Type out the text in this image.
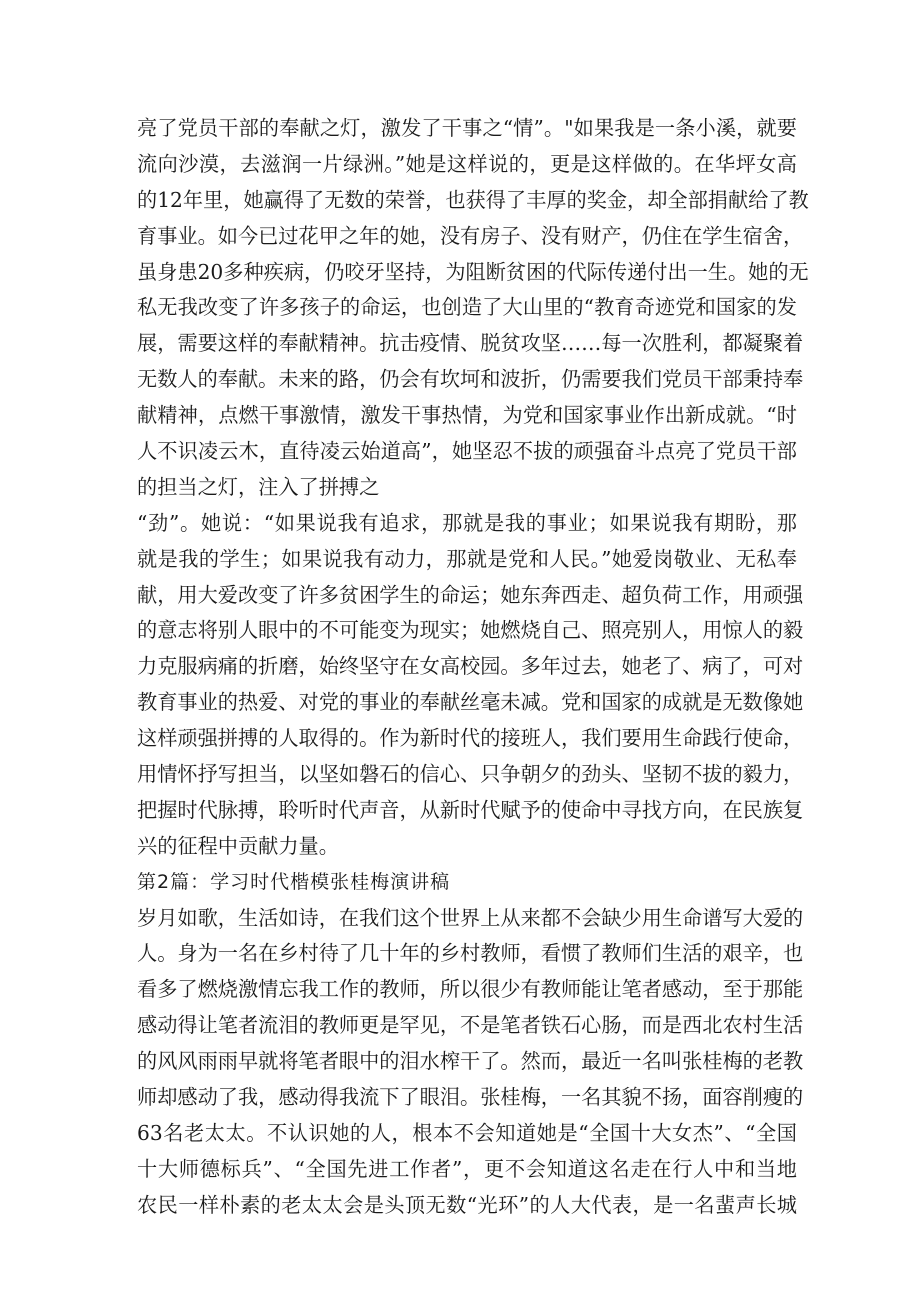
亮了党员干部的奉献之灯，激发了干事之“情”。"如果我是一条小溪，就要
流向沙漠，去滋润一片绿洲。”她是这样说的，更是这样做的。在华坪女高
的12年里，她赢得了无数的荣誉，也获得了丰厚的奖金，却全部捐献给了教
育事业。如今已过花甲之年的她，没有房子、没有财产，仍住在学生宿舍，
虽身患20多种疾病，仍咬牙坚持，为阻断贫困的代际传递付出一生。她的无
私无我改变了许多孩子的命运，也创造了大山里的“教育奇迹党和国家的发
展，需要这样的奉献精神。抗击疫情、脱贫攻坚……每一次胜利，都凝聚着
无数人的奉献。未来的路，仍会有坎坷和波折，仍需要我们党员干部秉持奉
献精神，点燃干事激情，激发干事热情，为党和国家事业作出新成就。“时
人不识凌云木，直待凌云始道高”，她坚忍不拔的顽强奋斗点亮了党员干部
的担当之灯，注入了拼搏之
“劲”。她说：“如果说我有追求，那就是我的事业；如果说我有期盼，那
就是我的学生；如果说我有动力，那就是党和人民。”她爱岗敬业、无私奉
献，用大爱改变了许多贫困学生的命运；她东奔西走、超负荷工作，用顽强
的意志将别人眼中的不可能变为现实；她燃烧自己、照亮别人，用惊人的毅
力克服病痛的折磨，始终坚守在女高校园。多年过去，她老了、病了，可对
教育事业的热爱、对党的事业的奉献丝毫未减。党和国家的成就是无数像她
这样顽强拼搏的人取得的。作为新时代的接班人，我们要用生命践行使命，
用情怀抒写担当，以坚如磐石的信心、只争朝夕的劲头、坚韧不拔的毅力，
把握时代脉搏，聆听时代声音，从新时代赋予的使命中寻找方向，在民族复
兴的征程中贡献力量。
第2篇：学习时代楷模张桂梅演讲稿
岁月如歌，生活如诗，在我们这个世界上从来都不会缺少用生命谱写大爱的
人。身为一名在乡村待了几十年的乡村教师，看惯了教师们生活的艰辛，也
看多了燃烧激情忘我工作的教师，所以很少有教师能让笔者感动，至于那能
感动得让笔者流泪的教师更是罕见，不是笔者铁石心肠，而是西北农村生活
的风风雨雨早就将笔者眼中的泪水榨干了。然而，最近一名叫张桂梅的老教
师却感动了我，感动得我流下了眼泪。张桂梅，一名其貌不扬，面容削瘦的
63名老太太。不认识她的人，根本不会知道她是“全国十大女杰”、“全国
十大师德标兵”、“全国先进工作者”，更不会知道这名走在行人中和当地
农民一样朴素的老太太会是头顶无数“光环”的人大代表，是一名蜚声长城
